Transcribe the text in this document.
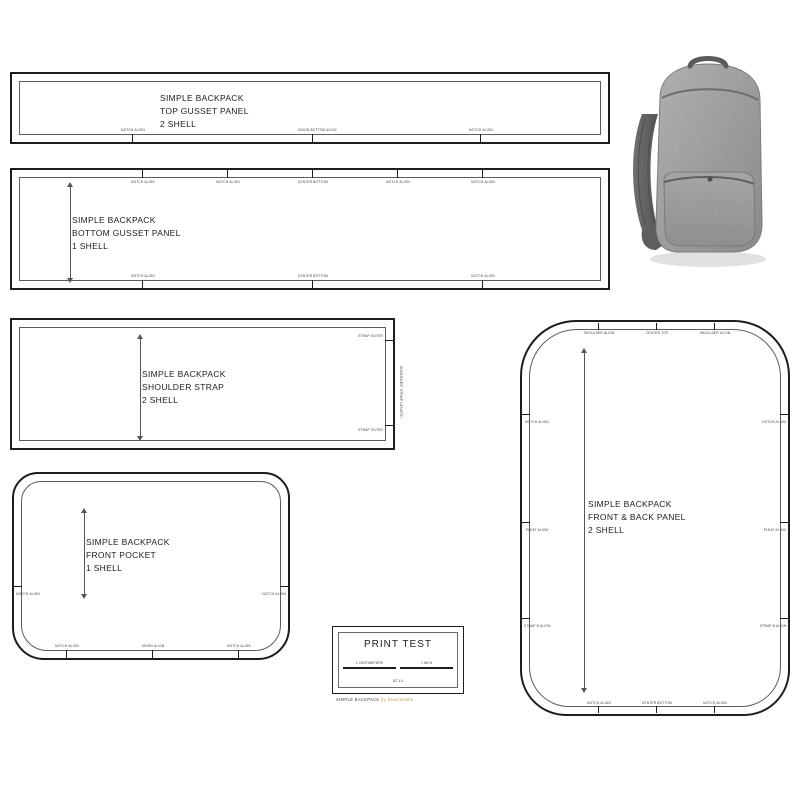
SIMPLE BACKPACK
TOP GUSSET PANEL
2 SHELL
NOTCH ALIGN	UNION BOTTOM ALIGN	NOTCH ALIGN
SIMPLE BACKPACK
BOTTOM GUSSET PANEL
1 SHELL
NOTCH ALIGN	NOTCH ALIGN	CENTER BOTTOM	NOTCH ALIGN	NOTCH ALIGN
NOTCH ALIGN	CENTER BOTTOM	NOTCH ALIGN
SIMPLE BACKPACK
SHOULDER STRAP
2 SHELL
STRAP OUTER
STRAP OUTER
SHOULDER STRAP LENGTH
SIMPLE BACKPACK
FRONT POCKET
1 SHELL
NOTCH ALIGN	UNION ALIGN	NOTCH ALIGN
NOTCH ALIGN	NOTCH ALIGN
SIMPLE BACKPACK
FRONT & BACK PANEL
2 SHELL
SHOULDER ALIGN	CENTER TOP	SHOULDER ALIGN
NOTCH ALIGN
PLEAT ALIGN
STRAP B ALIGN
NOTCH ALIGN
PLEAT ALIGN
STRAP B ALIGN
NOTCH ALIGN	CENTER BOTTOM	NOTCH ALIGN
PRINT TEST
1 CENTIMETERS	1 INCH
AT 1:1
SIMPLE BACKPACK by SewCanShe
